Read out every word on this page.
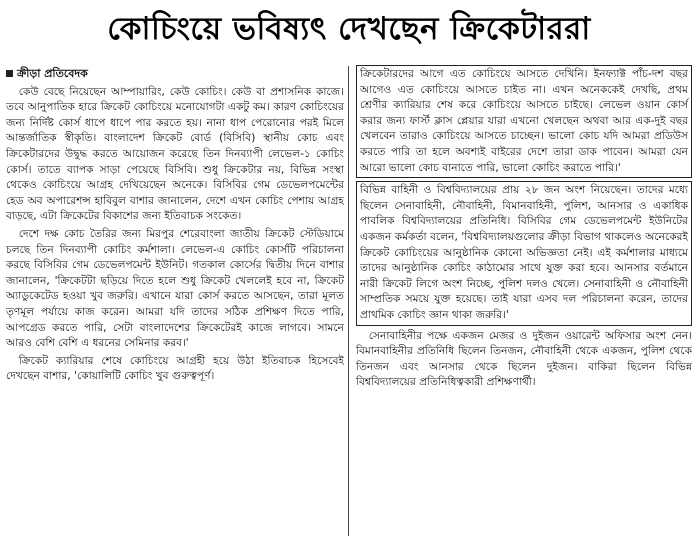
কোচিংয়ে ভবিষ্যৎ দেখছেন ক্রিকেটাররা
ক্রীড়া প্রতিবেদক

কেউ বেছে নিয়েছেন আম্পায়ারিং, কেউ কোচিং। কেউ বা প্রশাসনিক কাজে। তবে আনুপাতিক হারে ক্রিকেট কোচিংয়ে মনোযোগটা একটু কম। কারণ কোচিংয়ের জন্য নির্দিষ্ট কোর্স ধাপে ধাপে পার করতে হয়। নানা ধাপ পেরোনোর পরই মিলে আন্তর্জাতিক স্বীকৃতি। বাংলাদেশ ক্রিকেট বোর্ড (বিসিবি) স্থানীয় কোচ এবং ক্রিকেটারদের উদ্বুদ্ধ করতে আয়োজন করেছে তিন দিনব্যাপী লেভেল-১ কোচিং কোর্স। তাতে ব্যাপক সাড়া পেয়েছে বিসিবি। শুধু ক্রিকেটার নয়, বিভিন্ন সংস্থা থেকেও কোচিংয়ে আগ্রহ দেখিয়েছেন অনেকে। বিসিবির গেম ডেভেলপমেন্টের হেড অব অপারেশন্স হাবিবুল বাশার জানালেন, দেশে এখন কোচিং পেশায় আগ্রহ বাড়ছে, এটা ক্রিকেটের বিকাশের জন্য ইতিবাচক সংকেত।

দেশে দক্ষ কোচ তৈরির জন্য মিরপুর শেরেবাংলা জাতীয় ক্রিকেট স্টেডিয়ামে চলছে তিন দিনব্যাপী কোচিং কর্মশালা। লেভেল-এ কোচিং কোর্সটি পরিচালনা করছে বিসিবির গেম ডেভেলপমেন্ট ইউনিট। গতকাল কোর্সের দ্বিতীয় দিনে বাশার জানালেন, 'ক্রিকেটটা ছড়িয়ে দিতে হলে শুধু ক্রিকেট খেললেই হবে না, ক্রিকেট অ্যাডুকেটেড হওয়া খুব জরুরি। এখানে যারা কোর্স করতে আসছেন, তারা মূলত তৃণমূল পর্যায়ে কাজ করেন। আমরা যদি তাদের সঠিক প্রশিক্ষণ দিতে পারি, আপগ্রেড করতে পারি, সেটা বাংলাদেশের ক্রিকেটেরই কাজে লাগবে। সামনে আরও বেশি বেশি এ ধরনের সেমিনার করব।'

ক্রিকেট ক্যারিয়ার শেষে কোচিংয়ে আগ্রহী হয়ে উঠা ইতিবাচক হিসেবেই দেখছেন বাশার, 'কোয়ালিটি কোচিং খুব গুরুত্বপূর্ণ।

ক্রিকেটারদের আগে এত কোচিংয়ে আসতে দেখিনি। ইনফ্যাক্ট পাঁচ-দশ বছর আগেও এত কোচিংয়ে আসতে চাইত না। এখন অনেককেই দেখছি, প্রথম শ্রেণীর ক্যারিয়ার শেষ করে কোচিংয়ে আসতে চাইছে। লেভেল ওয়ান কোর্স করার জন্য ফার্স্ট ক্লাস প্লেয়ার যারা এখনো খেলছেন অথবা আর এক-দুই বছর খেলবেন তারাও কোচিংয়ে আসতে চাচ্ছেন। ভালো কোচ যদি আমরা প্রডিউস করতে পারি তা হলে অবশ্যই বাইরের দেশে তারা ডাক পাবেন। আমরা যেন আরো ভালো কোচ বানাতে পারি, ভালো কোচিং করাতে পারি।'

বিভিন্ন বাহিনী ও বিশ্ববিদ্যালয়ের প্রায় ২৮ জন অংশ নিয়েছেন। তাদের মধ্যে ছিলেন সেনাবাহিনী, নৌবাহিনী, বিমানবাহিনী, পুলিশ, আনসার ও একাধিক পাবলিক বিশ্ববিদ্যালয়ের প্রতিনিধি। বিসিবির গেম ডেভেলপমেন্ট ইউনিটের একজন কর্মকর্তা বলেন, 'বিশ্ববিদ্যালয়গুলোর ক্রীড়া বিভাগ থাকলেও অনেকেরই ক্রিকেট কোচিংয়ের আনুষ্ঠানিক কোনো অভিজ্ঞতা নেই। এই কর্মশালার মাধ্যমে তাদের আনুষ্ঠানিক কোচিং কাঠামোর সাথে যুক্ত করা হবে। আনসার বর্তমানে নারী ক্রিকেট লিগে অংশ নিচ্ছে, পুলিশ দলও খেলে। সেনাবাহিনী ও নৌবাহিনী সাম্প্রতিক সময়ে যুক্ত হয়েছে। তাই যারা এসব দল পরিচালনা করেন, তাদের প্রাথমিক কোচিং জ্ঞান থাকা জরুরি।'

সেনাবাহিনীর পক্ষে একজন মেজর ও দুইজন ওয়ারেন্ট অফিসার অংশ নেন। বিমানবাহিনীর প্রতিনিধি ছিলেন তিনজন, নৌবাহিনী থেকে একজন, পুলিশ থেকে তিনজন এবং আনসার থেকে ছিলেন দুইজন। বাকিরা ছিলেন বিভিন্ন বিশ্ববিদ্যালয়ের প্রতিনিধিত্বকারী প্রশিক্ষণার্থী।
